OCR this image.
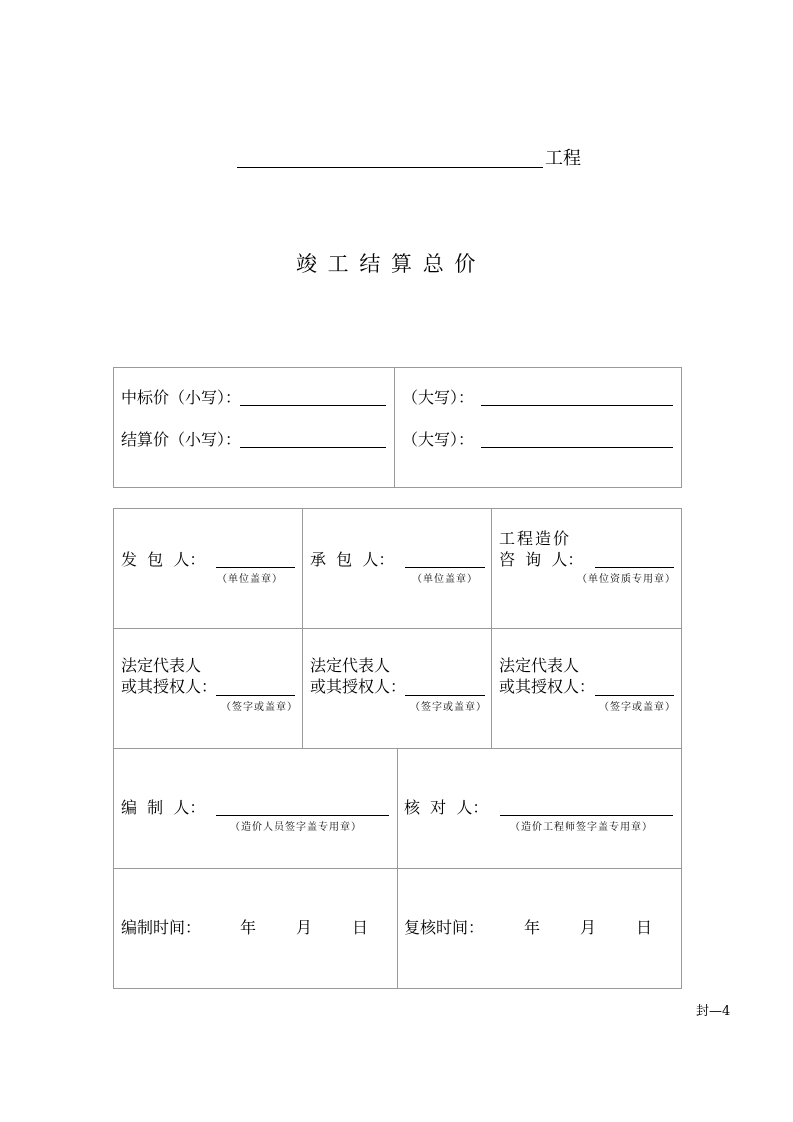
工程
竣 工 结 算 总 价
中标价（小写）：	（大写）：
结算价（小写）：	（大写）：
发  包  人：
（单位盖章）
承  包  人：
（单位盖章）
工程造价
咨  询  人：
（单位资质专用章）
法定代表人
或其授权人：
（签字或盖章）
法定代表人
或其授权人：
（签字或盖章）
法定代表人
或其授权人：
（签字或盖章）
编  制  人：
（造价人员签字盖专用章）
核  对  人：
（造价工程师签字盖专用章）
编制时间： 年 月 日 复核时间： 年 月 日
封—4
